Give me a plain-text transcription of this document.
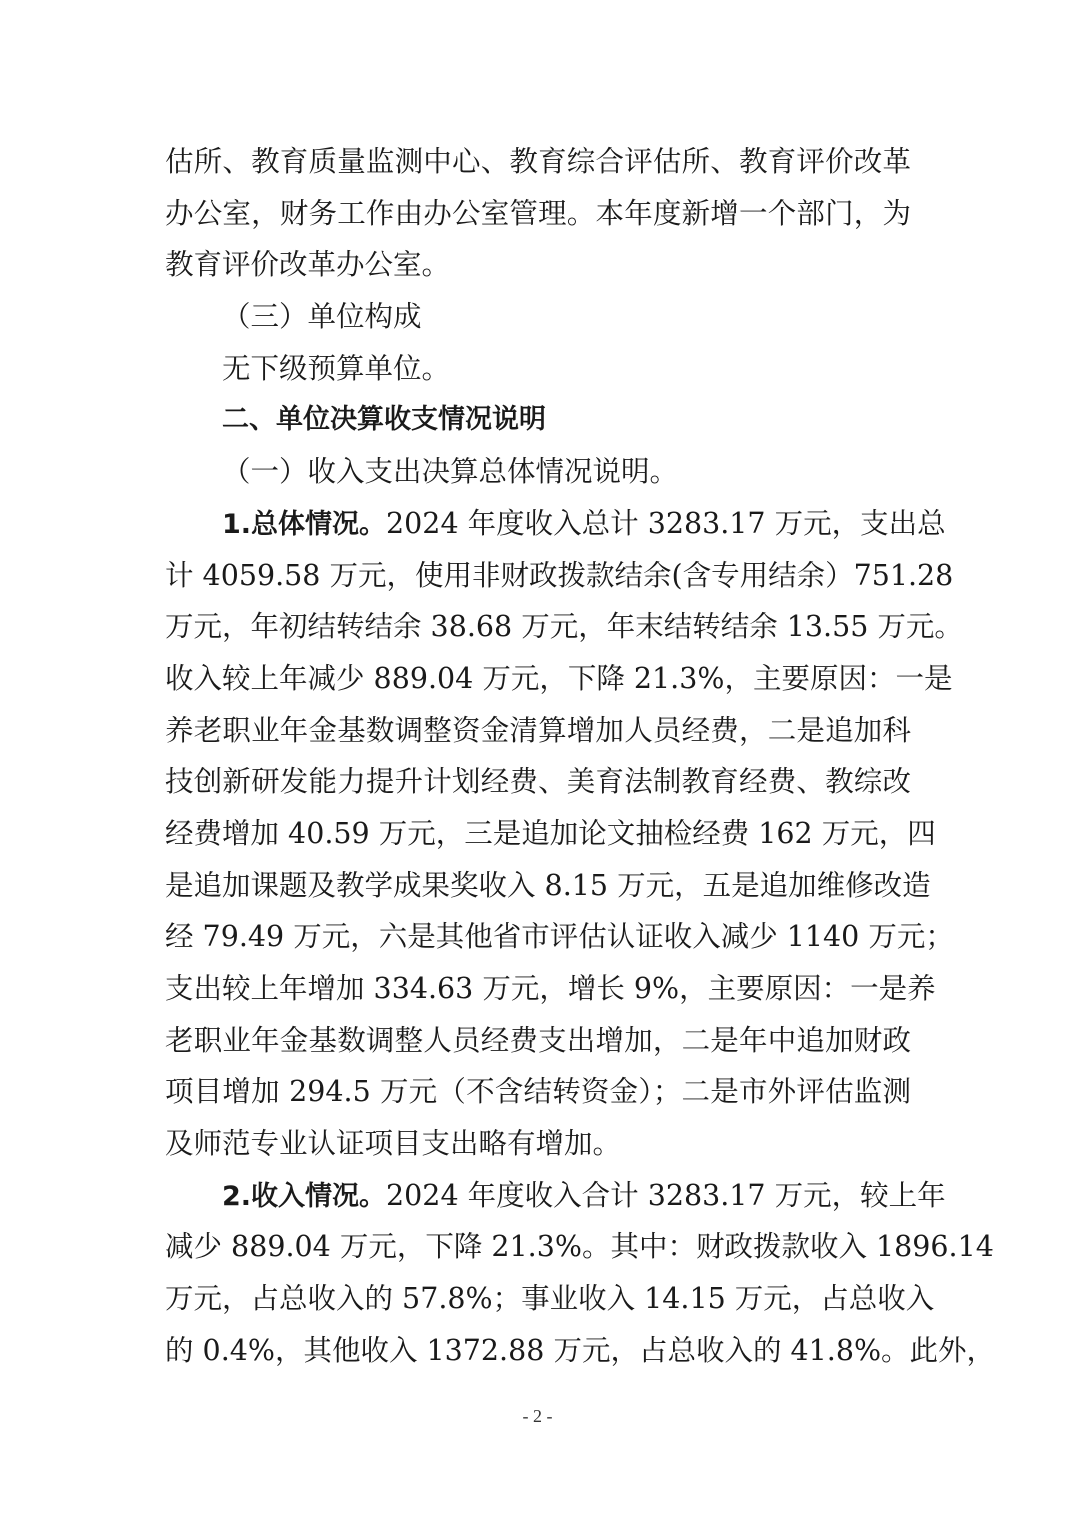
估所、教育质量监测中心、教育综合评估所、教育评价改革
办公室，财务工作由办公室管理。本年度新增一个部门，为
教育评价改革办公室。
（三）单位构成
无下级预算单位。
二、单位决算收支情况说明
（一）收入支出决算总体情况说明。
1.总体情况。2024 年度收入总计 3283.17 万元，支出总
计 4059.58 万元，使用非财政拨款结余(含专用结余）751.28
万元，年初结转结余 38.68 万元，年末结转结余 13.55 万元。
收入较上年减少 889.04 万元，下降 21.3%，主要原因：一是
养老职业年金基数调整资金清算增加人员经费，二是追加科
技创新研发能力提升计划经费、美育法制教育经费、教综改
经费增加 40.59 万元，三是追加论文抽检经费 162 万元，四
是追加课题及教学成果奖收入 8.15 万元，五是追加维修改造
经 79.49 万元，六是其他省市评估认证收入减少 1140 万元；
支出较上年增加 334.63 万元，增长 9%，主要原因：一是养
老职业年金基数调整人员经费支出增加，二是年中追加财政
项目增加 294.5 万元（不含结转资金）；二是市外评估监测
及师范专业认证项目支出略有增加。
2.收入情况。2024 年度收入合计 3283.17 万元，较上年
减少 889.04 万元，下降 21.3%。其中：财政拨款收入 1896.14
万元，占总收入的 57.8%；事业收入 14.15 万元，占总收入
的 0.4%，其他收入 1372.88 万元，占总收入的 41.8%。此外，
- 2 -
